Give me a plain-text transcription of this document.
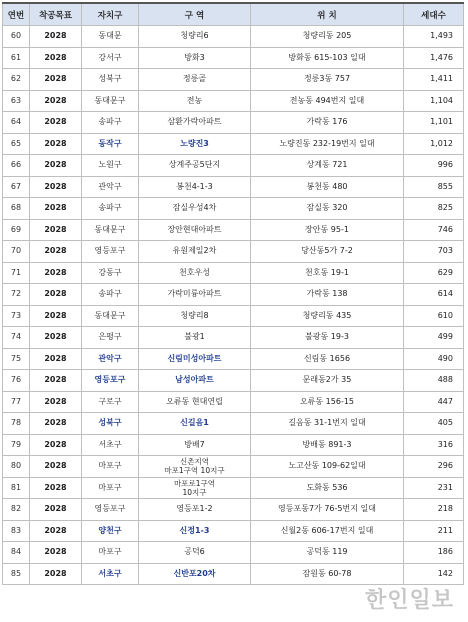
연번	착공목표	자치구	구 역	위 치	세대수
60	2028	동대문	청량리6	청량리동 205	1,493
61	2028	강서구	방화3	방화동 615-103 일대	1,476
62	2028	성북구	정릉골	정릉3동 757	1,411
63	2028	동대문구	전농	전농동 494번지 일대	1,104
64	2028	송파구	삼환가락아파트	가락동 176	1,101
65	2028	동작구	노량진3	노량진동 232-19번지 일대	1,012
66	2028	노원구	상계주공5단지	상계동 721	996
67	2028	관악구	봉천4-1-3	봉천동 480	855
68	2028	송파구	잠실우성4차	잠실동 320	825
69	2028	동대문구	장안현대아파트	장안동 95-1	746
70	2028	영등포구	유원제일2차	당산동5가 7-2	703
71	2028	강동구	천호우성	천호동 19-1	629
72	2028	송파구	가락미륭아파트	가락동 138	614
73	2028	동대문구	청량리8	청량리동 435	610
74	2028	은평구	불광1	불광동 19-3	499
75	2028	관악구	신림미성아파트	신림동 1656	490
76	2028	영등포구	남성아파트	문래동2가 35	488
77	2028	구로구	오류동 현대연립	오류동 156-15	447
78	2028	성북구	신길음1	길음동 31-1번지 일대	405
79	2028	서초구	방배7	방배동 891-3	316
80	2028	마포구	신촌지역
마포1구역 10지구	노고산동 109-62일대	296
81	2028	마포구	마포로1구역
10지구	도화동 536	231
82	2028	영등포구	영등포1-2	영등포동7가 76-5번지 일대	218
83	2028	양천구	신정1-3	신월2동 606-17번지 일대	211
84	2028	마포구	공덕6	공덕동 119	186
85	2028	서초구	신반포20차	잠원동 60-78	142
한인일보
